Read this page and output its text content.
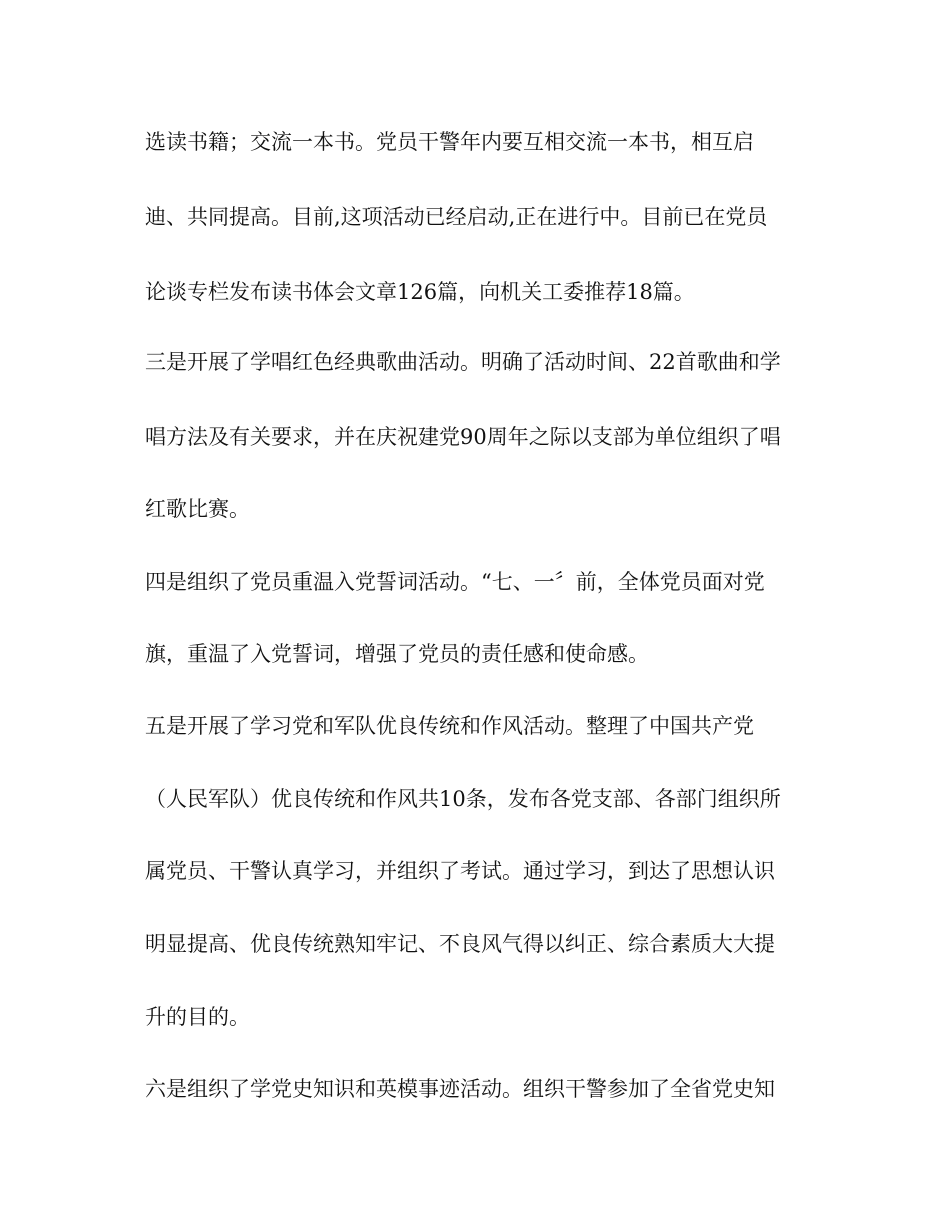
选读书籍；交流一本书。党员干警年内要互相交流一本书，相互启
迪、共同提高。目前,这项活动已经启动,正在进行中。目前已在党员
论谈专栏发布读书体会文章126篇，向机关工委推荐18篇。
三是开展了学唱红色经典歌曲活动。明确了活动时间、22首歌曲和学
唱方法及有关要求，并在庆祝建党90周年之际以支部为单位组织了唱
红歌比赛。
四是组织了党员重温入党誓词活动。“七、一〞前，全体党员面对党
旗，重温了入党誓词，增强了党员的责任感和使命感。
五是开展了学习党和军队优良传统和作风活动。整理了中国共产党
（人民军队）优良传统和作风共10条，发布各党支部、各部门组织所
属党员、干警认真学习，并组织了考试。通过学习，到达了思想认识
明显提高、优良传统熟知牢记、不良风气得以纠正、综合素质大大提
升的目的。
六是组织了学党史知识和英模事迹活动。组织干警参加了全省党史知
